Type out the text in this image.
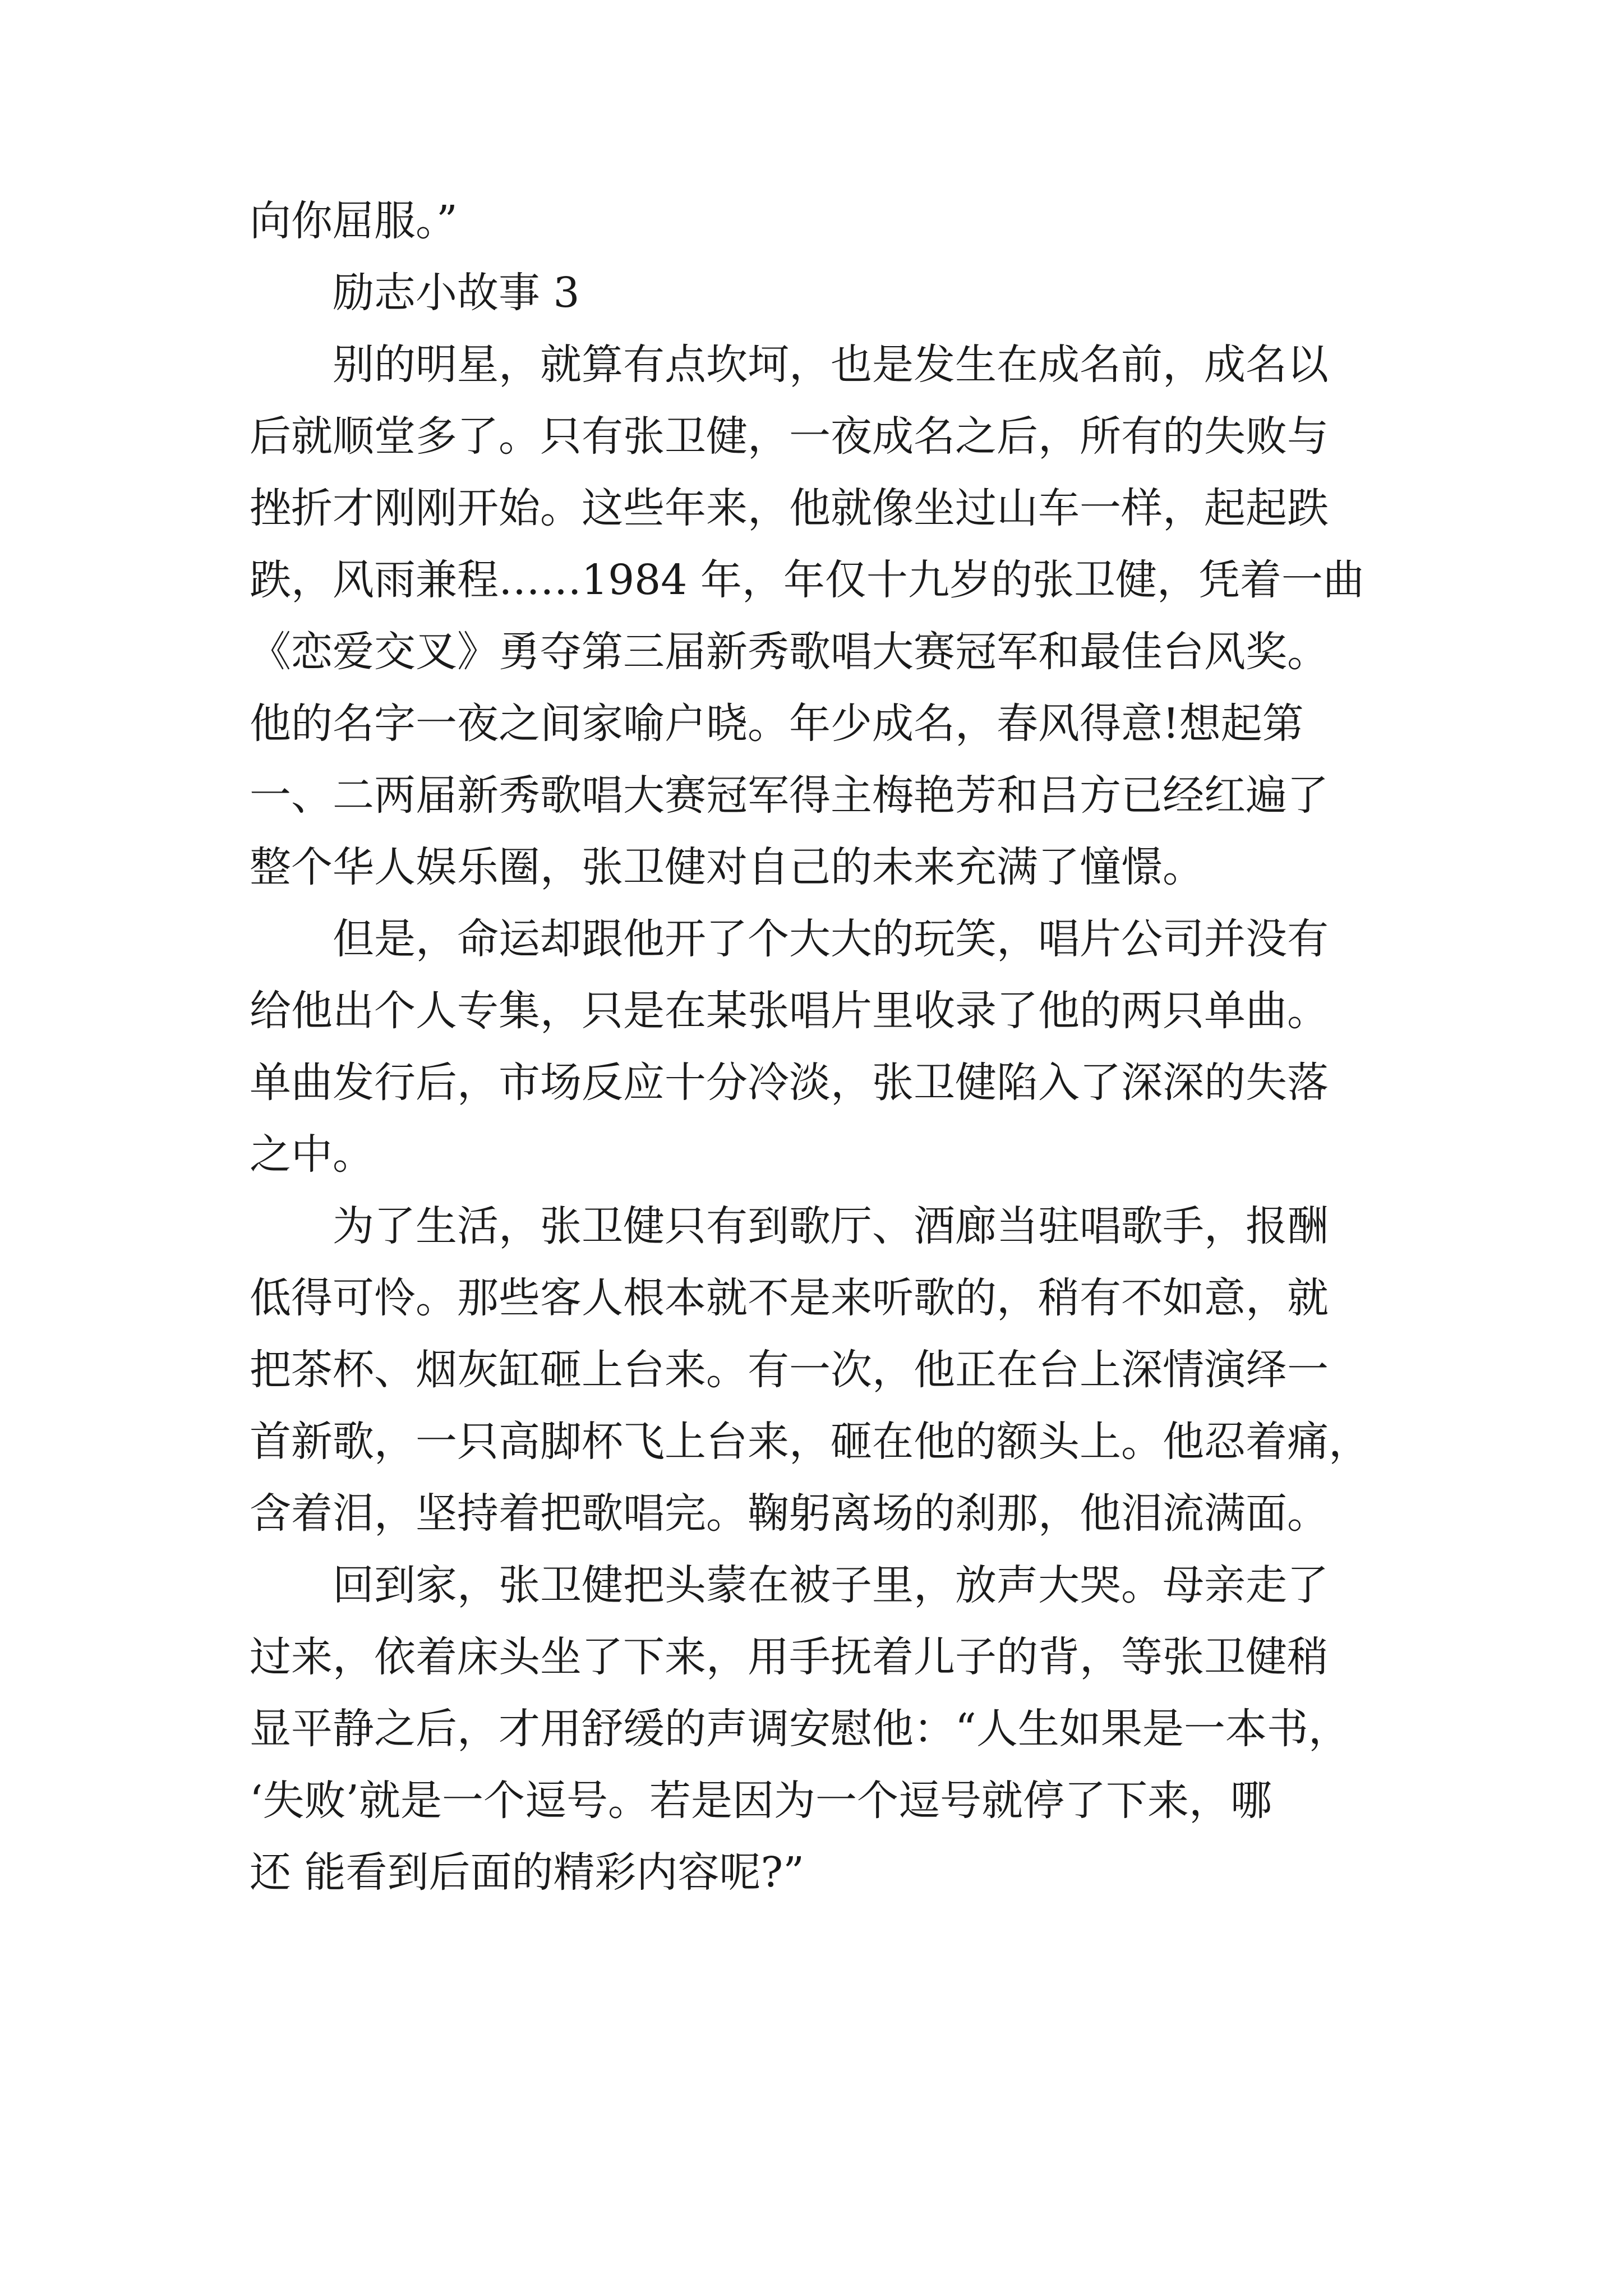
向你屈服。”
励志小故事 3
别的明星，就算有点坎坷，也是发生在成名前，成名以
后就顺堂多了。只有张卫健，一夜成名之后，所有的失败与
挫折才刚刚开始。这些年来，他就像坐过山车一样，起起跌
跌，风雨兼程……1984 年，年仅十九岁的张卫健，凭着一曲
《恋爱交叉》勇夺第三届新秀歌唱大赛冠军和最佳台风奖。
他的名字一夜之间家喻户晓。年少成名，春风得意!想起第
一、二两届新秀歌唱大赛冠军得主梅艳芳和吕方已经红遍了
整个华人娱乐圈，张卫健对自己的未来充满了憧憬。
但是，命运却跟他开了个大大的玩笑，唱片公司并没有
给他出个人专集，只是在某张唱片里收录了他的两只单曲。
单曲发行后，市场反应十分冷淡，张卫健陷入了深深的失落
之中。
为了生活，张卫健只有到歌厅、酒廊当驻唱歌手，报酬
低得可怜。那些客人根本就不是来听歌的，稍有不如意，就
把茶杯、烟灰缸砸上台来。有一次，他正在台上深情演绎一
首新歌，一只高脚杯飞上台来，砸在他的额头上。他忍着痛，
含着泪，坚持着把歌唱完。鞠躬离场的刹那，他泪流满面。
回到家，张卫健把头蒙在被子里，放声大哭。母亲走了
过来，依着床头坐了下来，用手抚着儿子的背，等张卫健稍
显平静之后，才用舒缓的声调安慰他：“人生如果是一本书，
‘失败’就是一个逗号。若是因为一个逗号就停了下来，哪
还 能看到后面的精彩内容呢?”
